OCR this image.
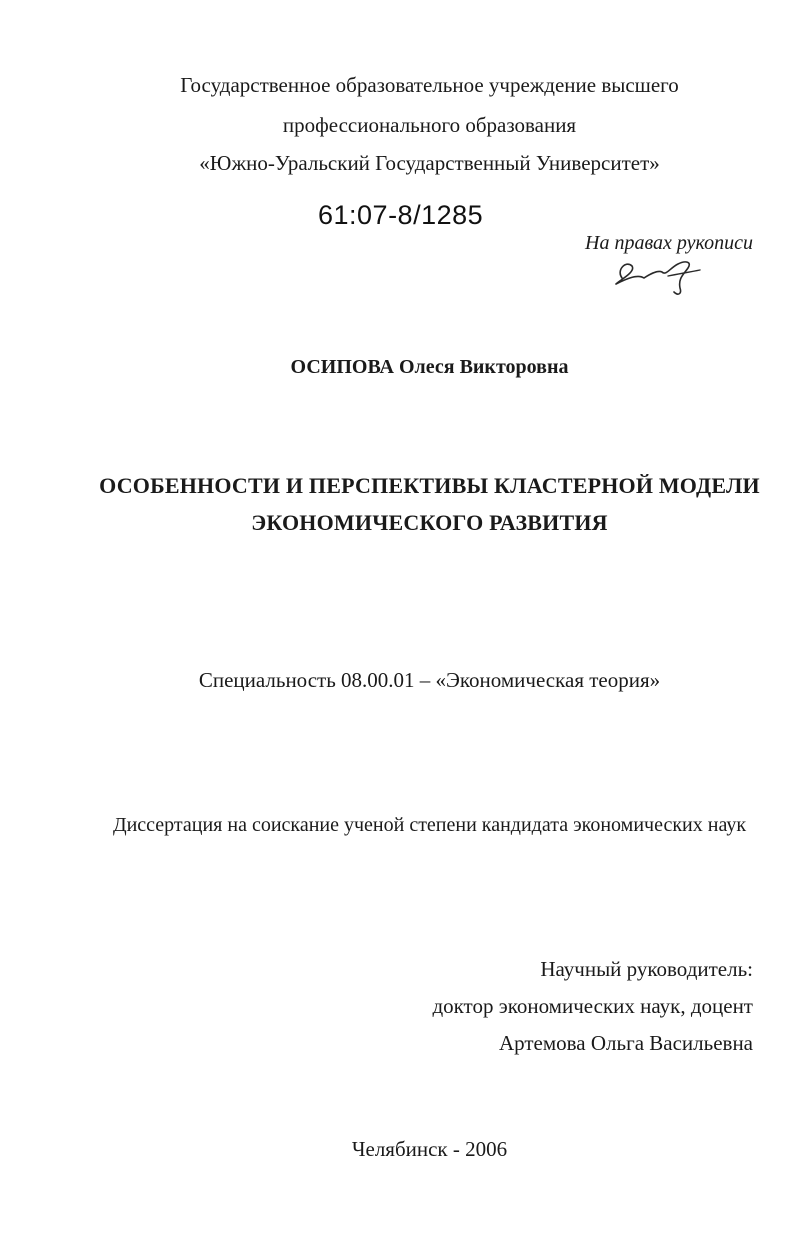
Государственное образовательное учреждение высшего
профессионального образования
«Южно-Уральский Государственный Университет»
61:07-8/1285
На правах рукописи
ОСИПОВА Олеся Викторовна
ОСОБЕННОСТИ И ПЕРСПЕКТИВЫ КЛАСТЕРНОЙ МОДЕЛИ
ЭКОНОМИЧЕСКОГО РАЗВИТИЯ
Специальность 08.00.01 – «Экономическая теория»
Диссертация на соискание ученой степени кандидата экономических наук
Научный руководитель:
доктор экономических наук, доцент
Артемова Ольга Васильевна
Челябинск - 2006
